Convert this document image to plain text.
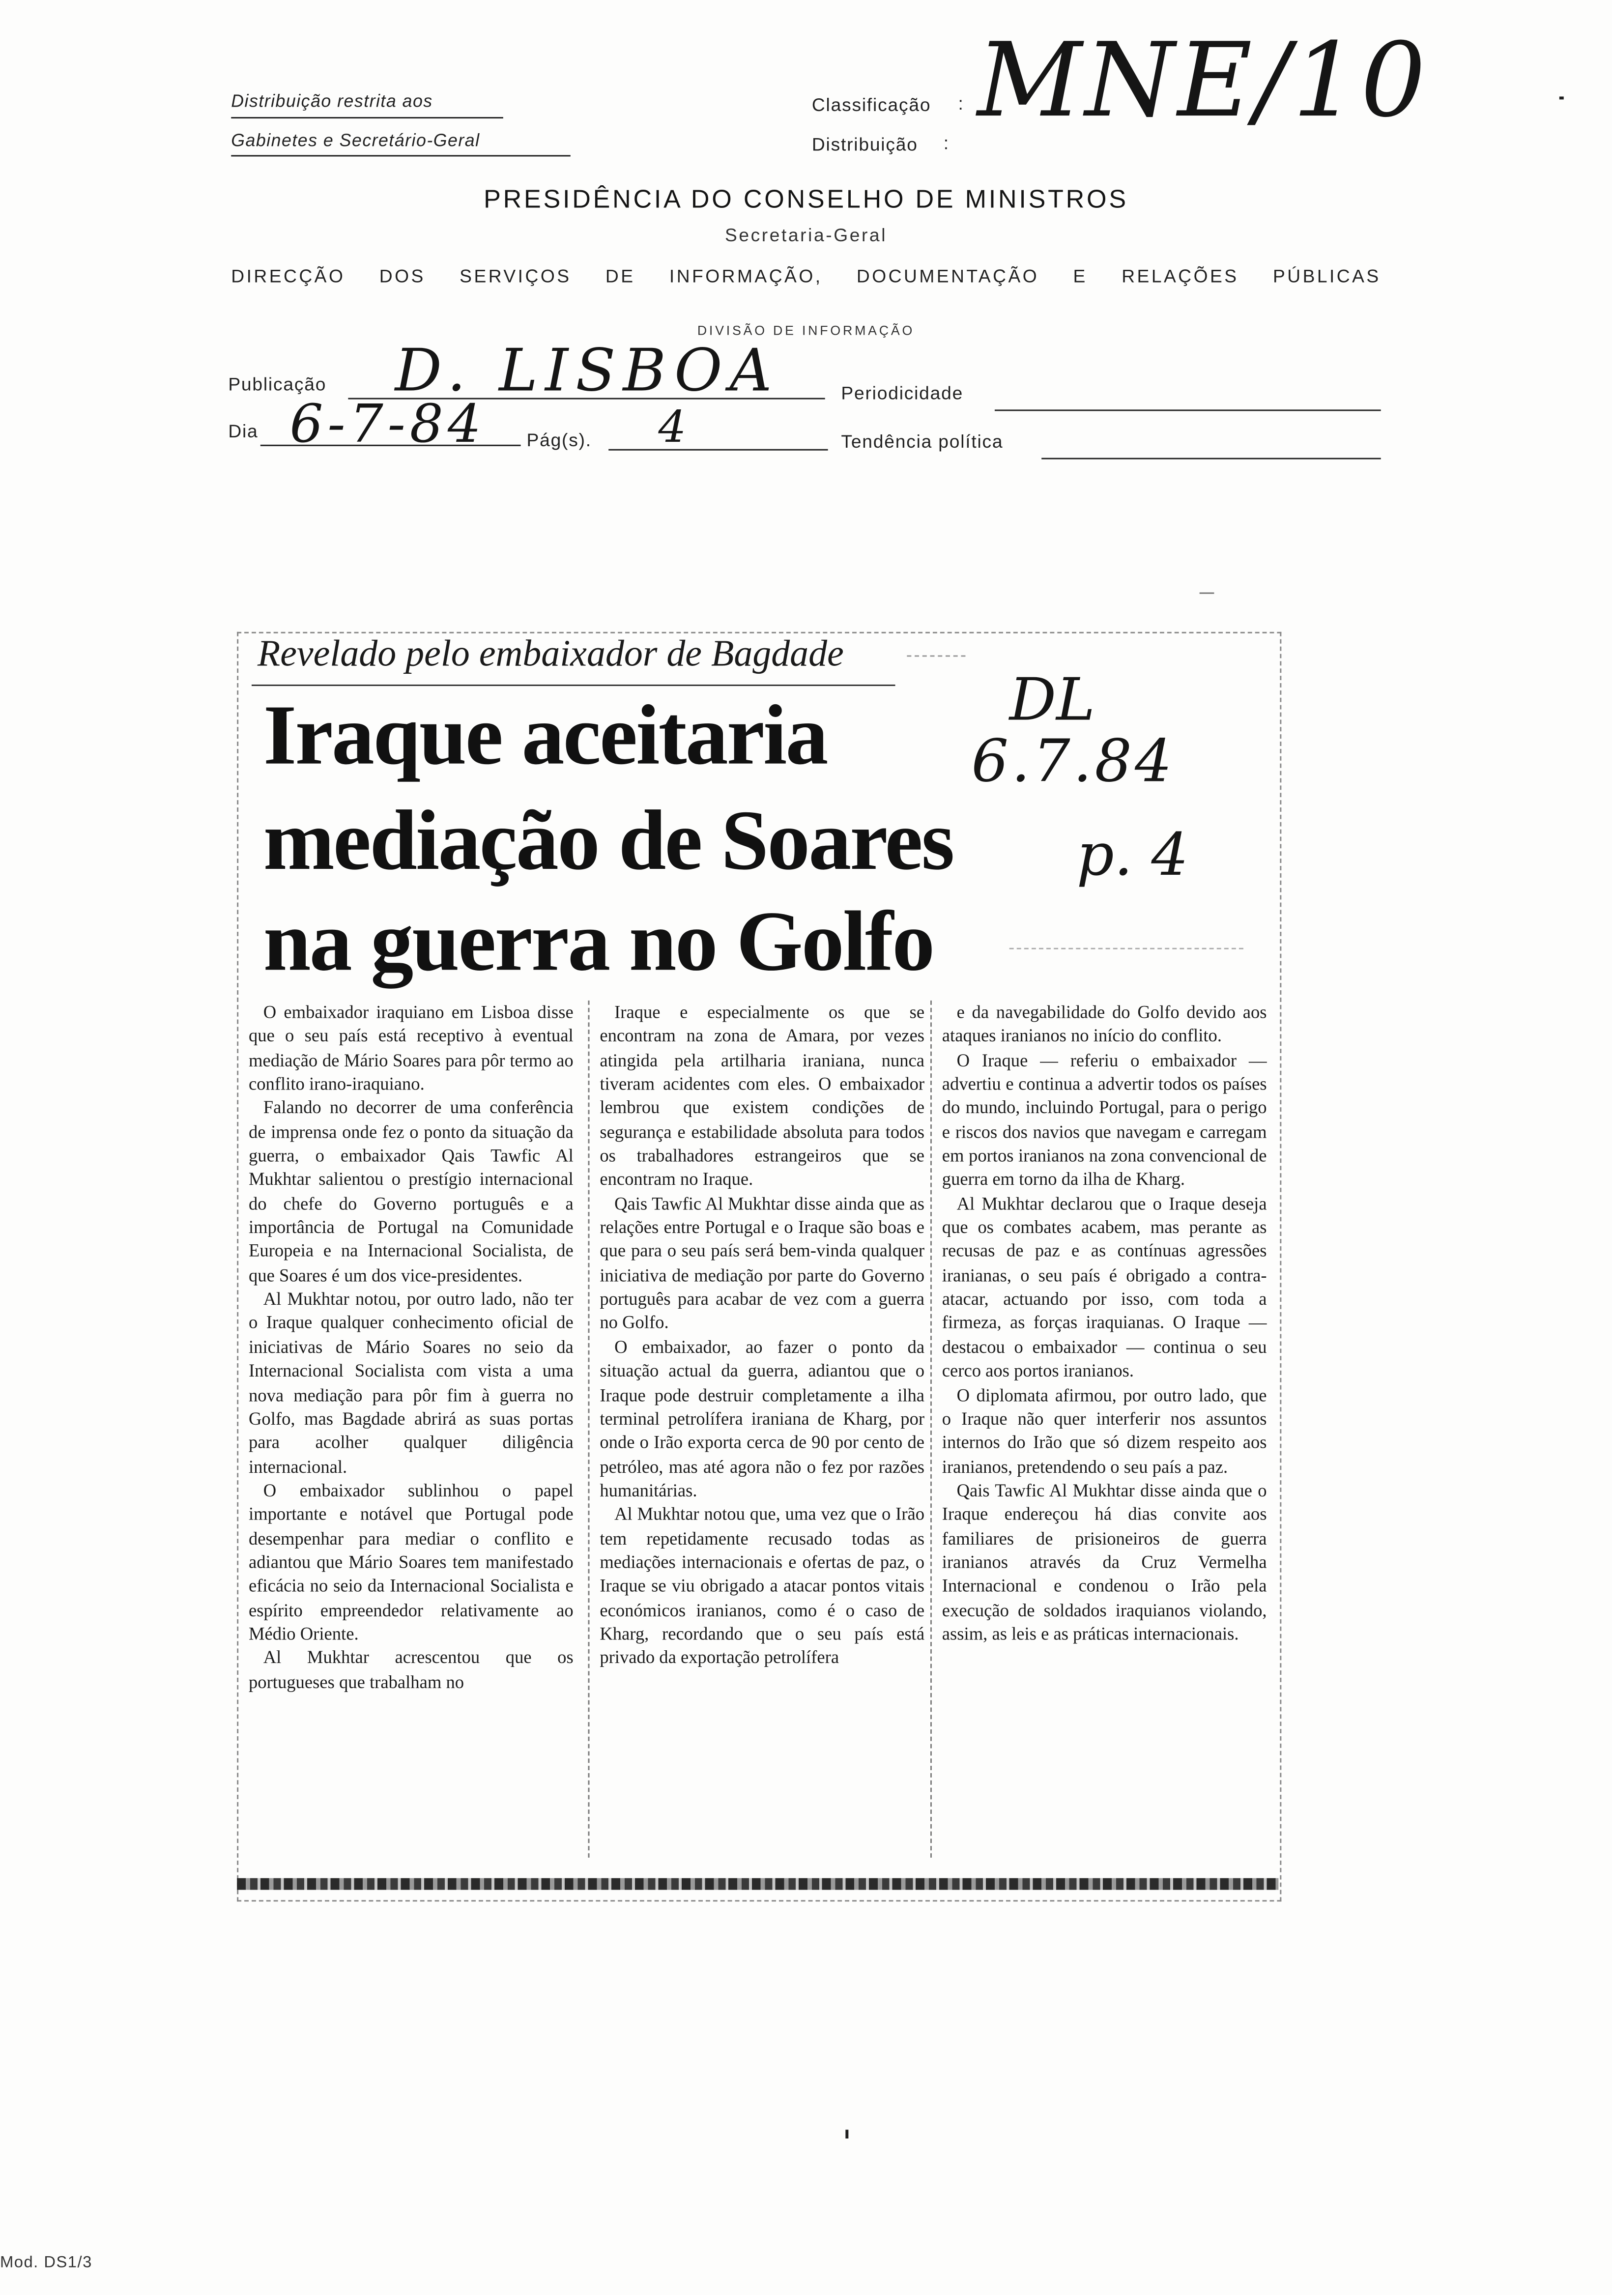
Distribuição restrita aos
Gabinetes e Secretário-Geral
Classificação	:
Distribuição	:
MNE/10
PRESIDÊNCIA DO CONSELHO DE MINISTROS
Secretaria-Geral
DIRECÇÃO DOS SERVIÇOS DE INFORMAÇÃO, DOCUMENTAÇÃO E RELAÇÕES PÚBLICAS
DIVISÃO DE INFORMAÇÃO
Publicação	D. LISBOA	Periodicidade
Dia 6-7-84	Pág(s).	4	Tendência política
Revelado pelo embaixador de Bagdade
Iraque aceitaria
mediação de Soares
na guerra no Golfo
DL
6.7.84
p. 4

O embaixador iraquiano em Lisboa disse que o seu país está receptivo à eventual mediação de Mário Soares para pôr termo ao conflito irano-iraquiano.

Falando no decorrer de uma conferência de imprensa onde fez o ponto da situação da guerra, o embaixador Qais Tawfic Al Mukhtar salientou o prestígio internacional do chefe do Governo português e a importância de Portugal na Comunidade Europeia e na Internacional Socialista, de que Soares é um dos vice-presidentes.

Al Mukhtar notou, por outro lado, não ter o Iraque qualquer conhecimento oficial de iniciativas de Mário Soares no seio da Internacional Socialista com vista a uma nova mediação para pôr fim à guerra no Golfo, mas Bagdade abrirá as suas portas para acolher qualquer diligência internacional.

O embaixador sublinhou o papel importante e notável que Portugal pode desempenhar para mediar o conflito e adiantou que Mário Soares tem manifestado eficácia no seio da Internacional Socialista e espírito empreendedor relativamente ao Médio Oriente.

Al Mukhtar acrescentou que os portugueses que trabalham no

Iraque e especialmente os que se encontram na zona de Amara, por vezes atingida pela artilharia iraniana, nunca tiveram acidentes com eles. O embaixador lembrou que existem condições de segurança e estabilidade absoluta para todos os trabalhadores estrangeiros que se encontram no Iraque.

Qais Tawfic Al Mukhtar disse ainda que as relações entre Portugal e o Iraque são boas e que para o seu país será bem-vinda qualquer iniciativa de mediação por parte do Governo português para acabar de vez com a guerra no Golfo.

O embaixador, ao fazer o ponto da situação actual da guerra, adiantou que o Iraque pode destruir completamente a ilha terminal petrolífera iraniana de Kharg, por onde o Irão exporta cerca de 90 por cento de petróleo, mas até agora não o fez por razões humanitárias.

Al Mukhtar notou que, uma vez que o Irão tem repetidamente recusado todas as mediações internacionais e ofertas de paz, o Iraque se viu obrigado a atacar pontos vitais económicos iranianos, como é o caso de Kharg, recordando que o seu país está privado da exportação petrolífera

e da navegabilidade do Golfo devido aos ataques iranianos no início do conflito.

O Iraque — referiu o embaixador — advertiu e continua a advertir todos os países do mundo, incluindo Portugal, para o perigo e riscos dos navios que navegam e carregam em portos iranianos na zona convencional de guerra em torno da ilha de Kharg.

Al Mukhtar declarou que o Iraque deseja que os combates acabem, mas perante as recusas de paz e as contínuas agressões iranianas, o seu país é obrigado a contra-atacar, actuando por isso, com toda a firmeza, as forças iraquianas. O Iraque — destacou o embaixador — continua o seu cerco aos portos iranianos.

O diplomata afirmou, por outro lado, que o Iraque não quer interferir nos assuntos internos do Irão que só dizem respeito aos iranianos, pretendendo o seu país a paz.

Qais Tawfic Al Mukhtar disse ainda que o Iraque endereçou há dias convite aos familiares de prisioneiros de guerra iranianos através da Cruz Vermelha Internacional e condenou o Irão pela execução de soldados iraquianos violando, assim, as leis e as práticas internacionais.

Mod. DS1/3
